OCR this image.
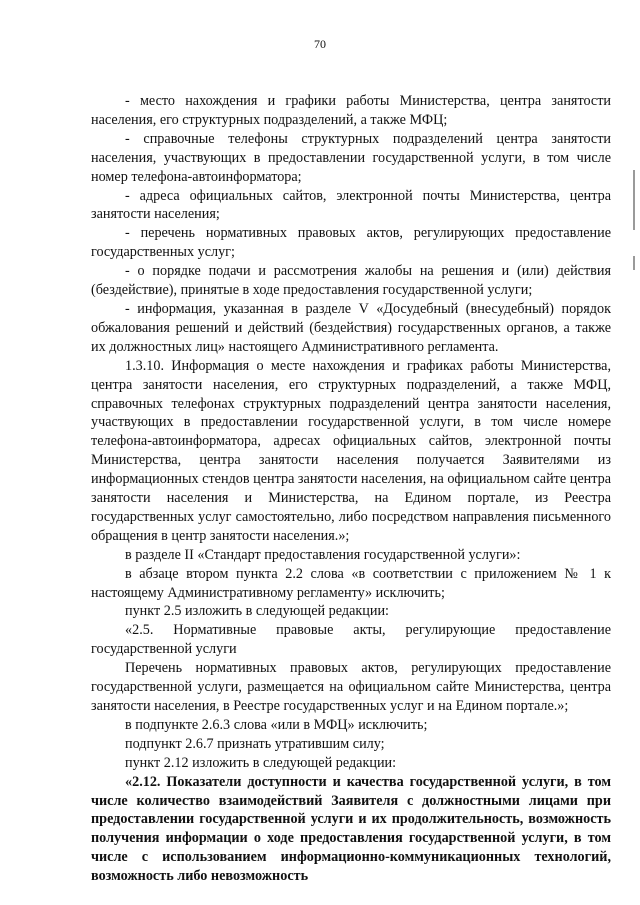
70

- место нахождения и графики работы Министерства, центра занятости населения, его структурных подразделений, а также МФЦ;

- справочные телефоны структурных подразделений центра занятости населения, участвующих в предоставлении государственной услуги, в том числе номер телефона-автоинформатора;

- адреса официальных сайтов, электронной почты Министерства, центра занятости населения;

- перечень нормативных правовых актов, регулирующих предоставление государственных услуг;

- о порядке подачи и рассмотрения жалобы на решения и (или) действия (бездействие), принятые в ходе предоставления государственной услуги;

- информация, указанная в разделе V «Досудебный (внесудебный) порядок обжалования решений и действий (бездействия) государственных органов, а также их должностных лиц» настоящего Административного регламента.

1.3.10. Информация о месте нахождения и графиках работы Министерства, центра занятости населения, его структурных подразделений, а также МФЦ, справочных телефонах структурных подразделений центра занятости населения, участвующих в предоставлении государственной услуги, в том числе номере телефона-автоинформатора, адресах официальных сайтов, электронной почты Министерства, центра занятости населения получается Заявителями из информационных стендов центра занятости населения, на официальном сайте центра занятости населения и Министерства, на Едином портале, из Реестра государственных услуг самостоятельно, либо посредством направления письменного обращения в центр занятости населения.»;

в разделе II «Стандарт предоставления государственной услуги»:

в абзаце втором пункта 2.2 слова «в соответствии с приложением № 1 к настоящему Административному регламенту» исключить;

пункт 2.5 изложить в следующей редакции:

«2.5. Нормативные правовые акты, регулирующие предоставление государственной услуги

Перечень нормативных правовых актов, регулирующих предоставление государственной услуги, размещается на официальном сайте Министерства, центра занятости населения, в Реестре государственных услуг и на Едином портале.»;

в подпункте 2.6.3 слова «или в МФЦ» исключить;

подпункт 2.6.7 признать утратившим силу;

пункт 2.12 изложить в следующей редакции:

«2.12. Показатели доступности и качества государственной услуги, в том числе количество взаимодействий Заявителя с должностными лицами при предоставлении государственной услуги и их продолжительность, возможность получения информации о ходе предоставления государственной услуги, в том числе с использованием информационно-коммуникационных технологий, возможность либо невозможность
